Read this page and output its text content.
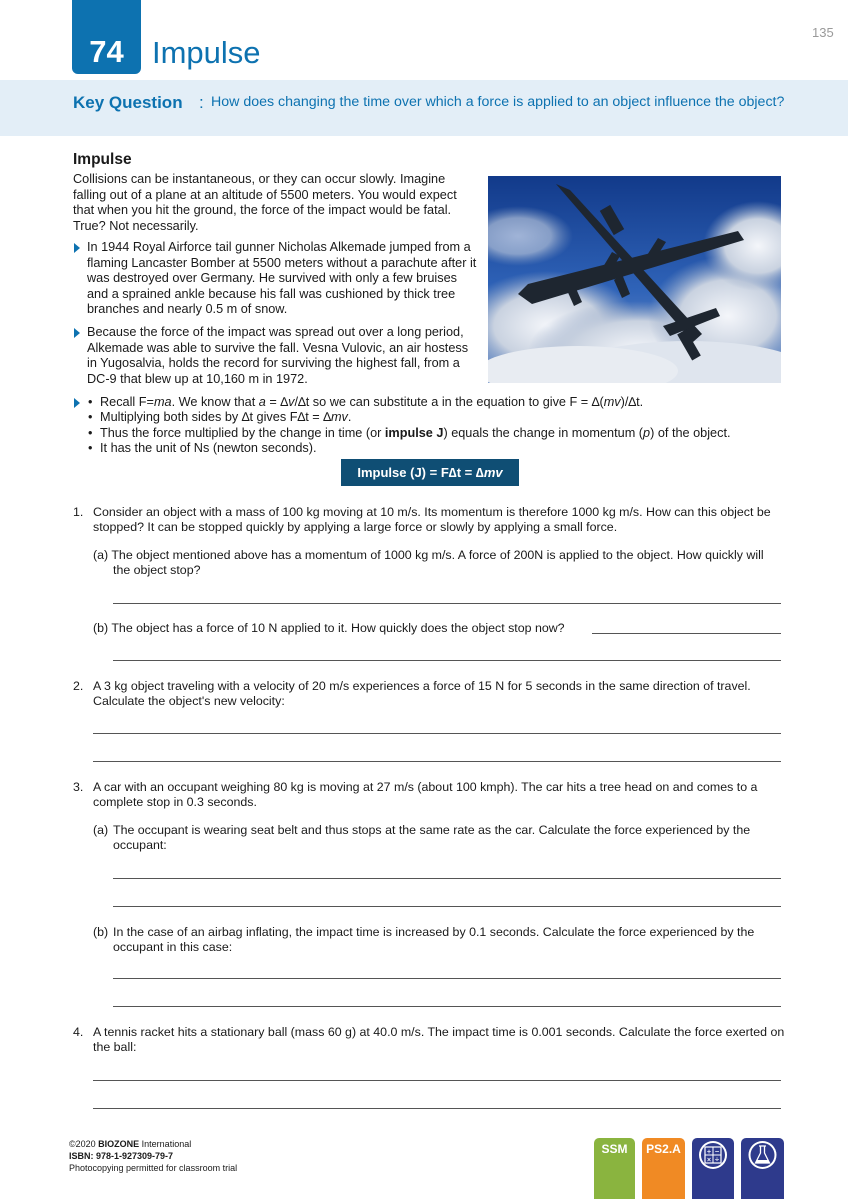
74 Impulse
135
Key Question : How does changing the time over which a force is applied to an object influence the object?
Impulse
Collisions can be instantaneous, or they can occur slowly. Imagine falling out of a plane at an altitude of 5500 meters. You would expect that when you hit the ground, the force of the impact would be fatal. True? Not necessarily.
In 1944 Royal Airforce tail gunner Nicholas Alkemade jumped from a flaming Lancaster Bomber at 5500 meters without a parachute after it was destroyed over Germany. He survived with only a few bruises and a sprained ankle because his fall was cushioned by thick tree branches and nearly 0.5 m of snow.
Because the force of the impact was spread out over a long period, Alkemade was able to survive the fall. Vesna Vulovic, an air hostess in Yugosalvia, holds the record for surviving the highest fall, from a DC-9 that blew up at 10,160 m in 1972.
• Recall F=ma. We know that a = ∆v/∆t so we can substitute a in the equation to give F = ∆(mv)/∆t.
• Multiplying both sides by ∆t gives F∆t = ∆mv.
• Thus the force multiplied by the change in time (or impulse J) equals the change in momentum (p) of the object.
• It has the unit of Ns (newton seconds).
Impulse (J) = F∆t = ∆mv
1. Consider an object with a mass of 100 kg moving at 10 m/s. Its momentum is therefore 1000 kg m/s. How can this object be stopped? It can be stopped quickly by applying a large force or slowly by applying a small force.
(a) The object mentioned above has a momentum of 1000 kg m/s. A force of 200N is applied to the object. How quickly will the object stop?
(b) The object has a force of 10 N applied to it. How quickly does the object stop now?
2. A 3 kg object traveling with a velocity of 20 m/s experiences a force of 15 N for 5 seconds in the same direction of travel. Calculate the object's new velocity:
3. A car with an occupant weighing 80 kg is moving at 27 m/s (about 100 kmph). The car hits a tree head on and comes to a complete stop in 0.3 seconds.
(a) The occupant is wearing seat belt and thus stops at the same rate as the car. Calculate the force experienced by the occupant:
(b) In the case of an airbag inflating, the impact time is increased by 0.1 seconds. Calculate the force experienced by the occupant in this case:
4. A tennis racket hits a stationary ball (mass 60 g) at 40.0 m/s. The impact time is 0.001 seconds. Calculate the force exerted on the ball:
©2020 BIOZONE International
ISBN: 978-1-927309-79-7
Photocopying permitted for classroom trial
SSM	PS2.A	+ −
× ÷
